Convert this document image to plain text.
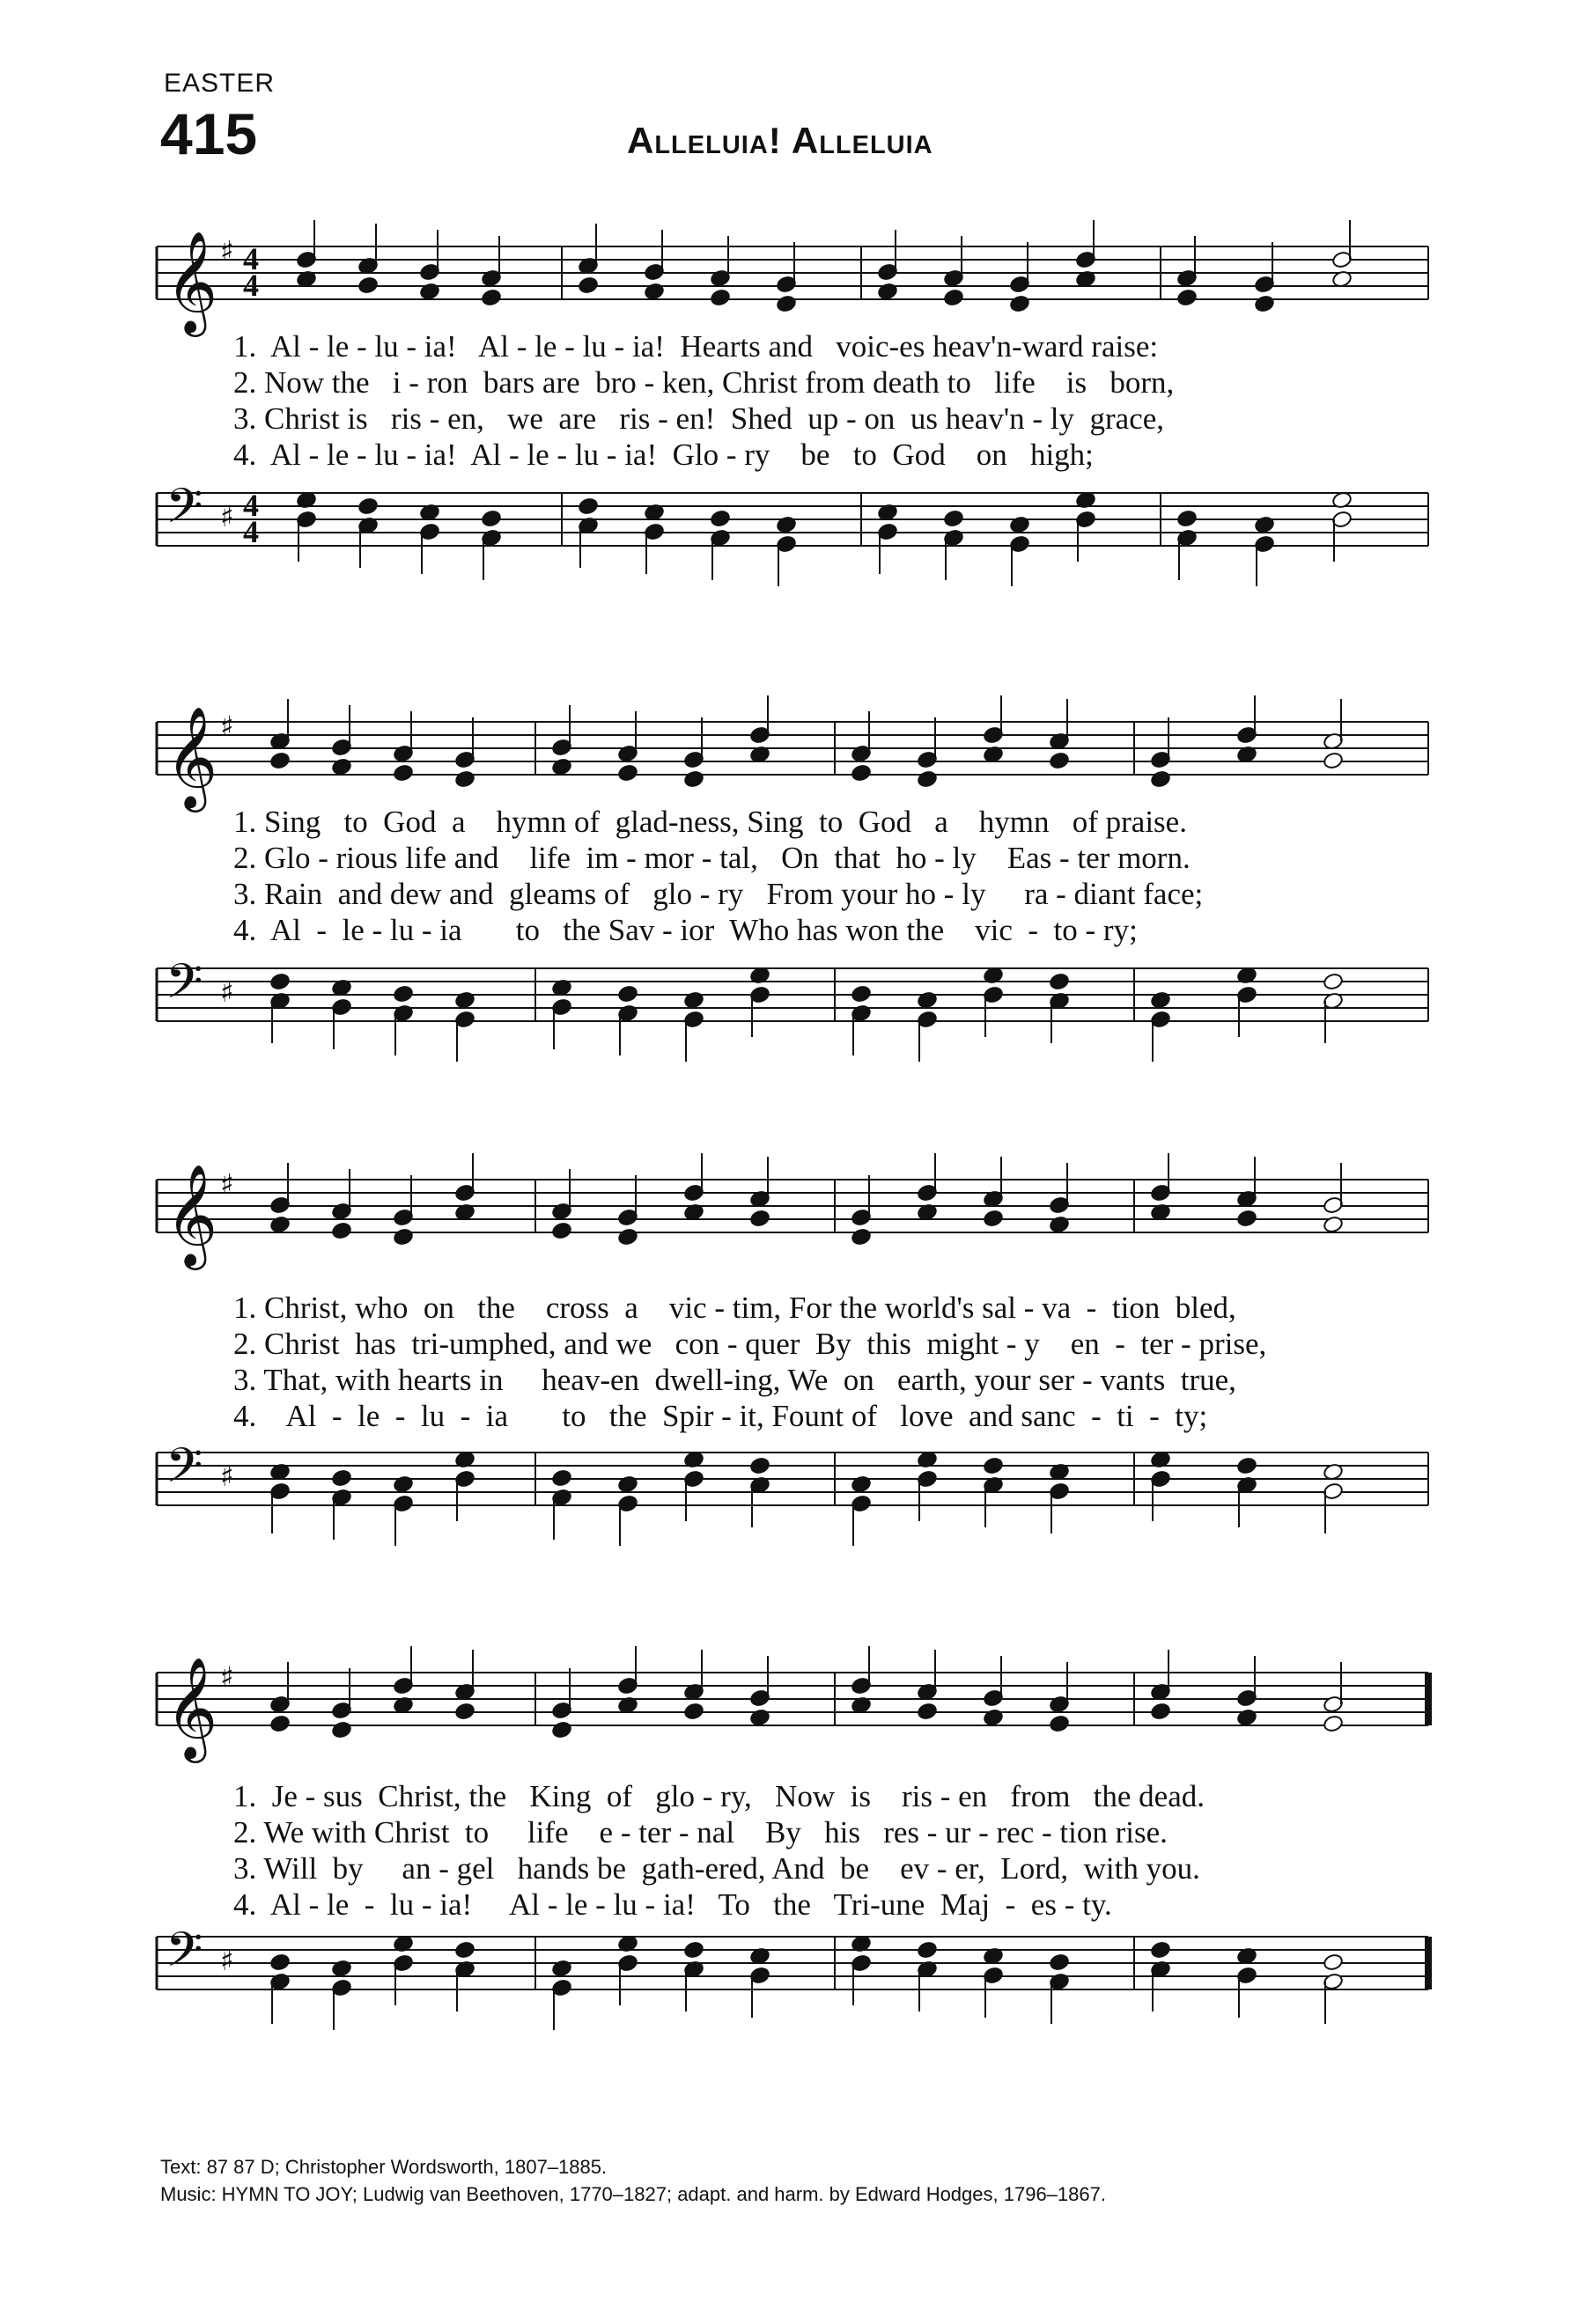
EASTER
415	Alleluia! Alleluia
𝄞 ♯ 4
4
1.  Al - le - lu - ia!   Al - le - lu - ia!  Hearts and   voic-es heav'n-ward raise:
2. Now the   i - ron  bars are  bro - ken, Christ from death to   life    is   born,
3. Christ is   ris - en,   we  are   ris - en!  Shed  up - on  us heav'n - ly  grace,
4.  Al - le - lu - ia!  Al - le - lu - ia!  Glo - ry    be   to  God    on   high;
𝄢 ♯ 4
4
𝄞 ♯
1. Sing   to  God  a    hymn of  glad-ness, Sing  to  God   a    hymn   of praise.
2. Glo - rious life and    life  im - mor - tal,   On  that  ho - ly    Eas - ter morn.
3. Rain  and dew and  gleams of   glo - ry   From your ho - ly     ra - diant face;
4.  Al  -  le - lu - ia       to   the Sav - ior  Who has won the    vic  -  to - ry;
𝄢 ♯
𝄞 ♯
1. Christ, who  on   the    cross  a    vic - tim, For the world's sal - va  -  tion  bled,
2. Christ  has  tri-umphed, and we   con - quer  By  this  might - y    en  -  ter - prise,
3. That, with hearts in     heav-en  dwell-ing, We  on   earth, your ser - vants  true,
4.    Al  -  le  -  lu  -  ia       to   the  Spir - it, Fount of   love  and sanc  -  ti  -  ty;
𝄢 ♯
𝄞 ♯
1.  Je - sus  Christ, the   King  of   glo - ry,   Now  is    ris - en   from   the dead.
2. We with Christ  to     life    e - ter - nal    By   his   res - ur - rec - tion rise.
3. Will  by     an - gel   hands be  gath-ered, And  be    ev - er,  Lord,  with you.
4.  Al - le  -  lu - ia!     Al - le - lu - ia!   To   the   Tri-une  Maj  -  es - ty.
𝄢 ♯
Text: 87 87 D; Christopher Wordsworth, 1807–1885.
Music: HYMN TO JOY; Ludwig van Beethoven, 1770–1827; adapt. and harm. by Edward Hodges, 1796–1867.
